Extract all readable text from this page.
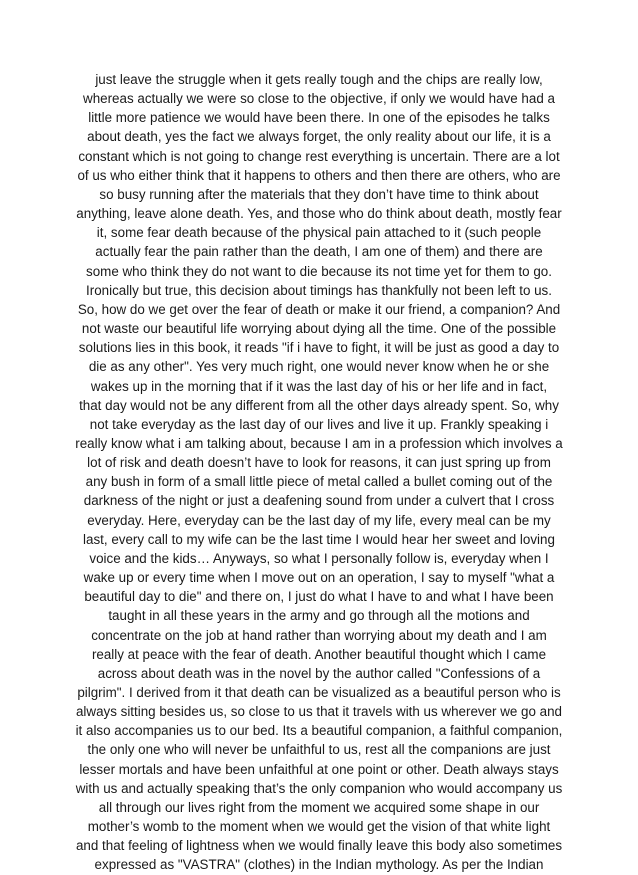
just leave the struggle when it gets really tough and the chips are really low,
whereas actually we were so close to the objective, if only we would have had a
little more patience we would have been there. In one of the episodes he talks
about death, yes the fact we always forget, the only reality about our life, it is a
constant which is not going to change rest everything is uncertain. There are a lot
of us who either think that it happens to others and then there are others, who are
so busy running after the materials that they don’t have time to think about
anything, leave alone death. Yes, and those who do think about death, mostly fear
it, some fear death because of the physical pain attached to it (such people
actually fear the pain rather than the death, I am one of them) and there are
some who think they do not want to die because its not time yet for them to go.
Ironically but true, this decision about timings has thankfully not been left to us.
So, how do we get over the fear of death or make it our friend, a companion? And
not waste our beautiful life worrying about dying all the time. One of the possible
solutions lies in this book, it reads "if i have to fight, it will be just as good a day to
die as any other". Yes very much right, one would never know when he or she
wakes up in the morning that if it was the last day of his or her life and in fact,
that day would not be any different from all the other days already spent. So, why
not take everyday as the last day of our lives and live it up. Frankly speaking i
really know what i am talking about, because I am in a profession which involves a
lot of risk and death doesn’t have to look for reasons, it can just spring up from
any bush in form of a small little piece of metal called a bullet coming out of the
darkness of the night or just a deafening sound from under a culvert that I cross
everyday. Here, everyday can be the last day of my life, every meal can be my
last, every call to my wife can be the last time I would hear her sweet and loving
voice and the kids… Anyways, so what I personally follow is, everyday when I
wake up or every time when I move out on an operation, I say to myself "what a
beautiful day to die" and there on, I just do what I have to and what I have been
taught in all these years in the army and go through all the motions and
concentrate on the job at hand rather than worrying about my death and I am
really at peace with the fear of death. Another beautiful thought which I came
across about death was in the novel by the author called "Confessions of a
pilgrim". I derived from it that death can be visualized as a beautiful person who is
always sitting besides us, so close to us that it travels with us wherever we go and
it also accompanies us to our bed. Its a beautiful companion, a faithful companion,
the only one who will never be unfaithful to us, rest all the companions are just
lesser mortals and have been unfaithful at one point or other. Death always stays
with us and actually speaking that’s the only companion who would accompany us
all through our lives right from the moment we acquired some shape in our
mother’s womb to the moment when we would get the vision of that white light
and that feeling of lightness when we would finally leave this body also sometimes
expressed as "VASTRA" (clothes) in the Indian mythology. As per the Indian
